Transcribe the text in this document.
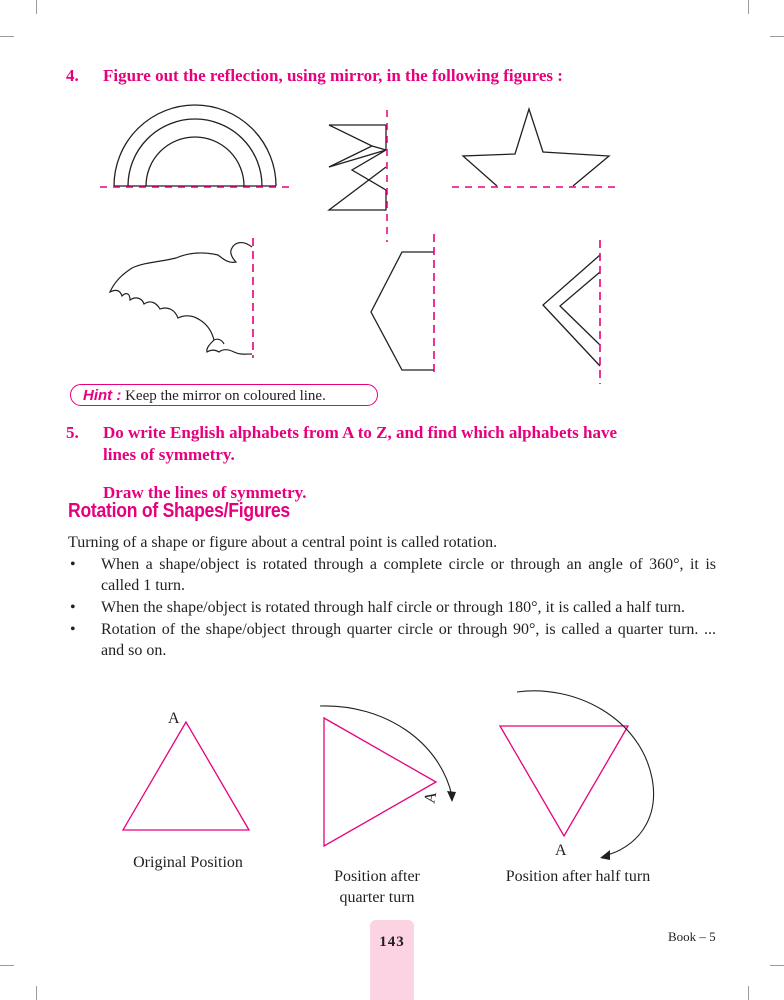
4. Figure out the reflection, using mirror, in the following figures :
Hint : Keep the mirror on coloured line.
5. Do write English alphabets from A to Z, and find which alphabets have
lines of symmetry.
Draw the lines of symmetry.
Rotation of Shapes/Figures
Turning of a shape or figure about a central point is called rotation.
• When a shape/object is rotated through a complete circle or through an angle of 360°, it is called 1 turn.
• When the shape/object is rotated through half circle or through 180°, it is called a half turn.
• Rotation of the shape/object through quarter circle or through 90°, is called a quarter turn. ... and so on.
A
A
A
Original Position
Position after
quarter turn
Position after half turn
143	Book – 5
